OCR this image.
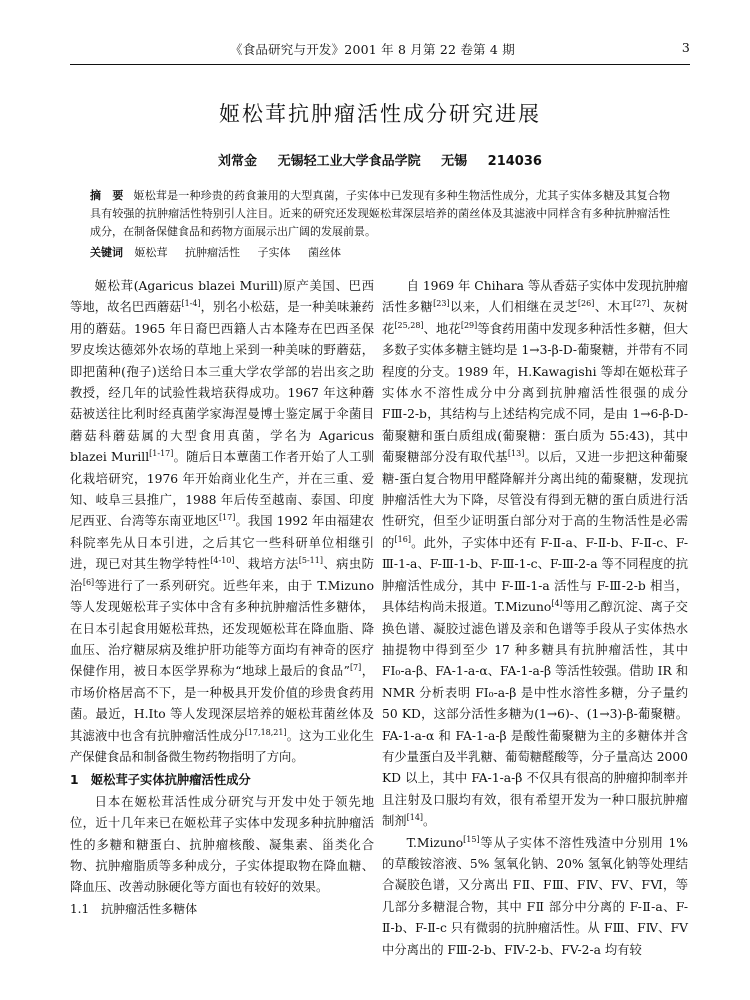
《食品研究与开发》2001 年 8 月第 22 卷第 4 期	3
姬松茸抗肿瘤活性成分研究进展
刘常金 无锡轻工业大学食品学院 无锡 214036
摘　要 姬松茸是一种珍贵的药食兼用的大型真菌，子实体中已发现有多种生物活性成分，尤其子实体多糖及其复合物具有较强的抗肿瘤活性特别引人注目。近来的研究还发现姬松茸深层培养的菌丝体及其滤液中同样含有多种抗肿瘤活性成分，在制备保健食品和药物方面展示出广阔的发展前景。
关键词 姬松茸 抗肿瘤活性 子实体 菌丝体

姬松茸(Agaricus blazei Murill)原产美国、巴西等地，故名巴西蘑菇[1-4]，别名小松菇，是一种美味兼药用的蘑菇。1965 年日裔巴西籍人古本隆寿在巴西圣保罗皮埃达德郊外农场的草地上采到一种美味的野蘑菇，即把菌种(孢子)送给日本三重大学农学部的岩出亥之助教授，经几年的试验性栽培获得成功。1967 年这种蘑菇被送往比利时经真菌学家海涅曼博士鉴定属于伞菌目蘑菇科蘑菇属的大型食用真菌，学名为 Agaricus blazei Murill[1-17]。随后日本蕈菌工作者开始了人工驯化栽培研究，1976 年开始商业化生产，并在三重、爱知、岐阜三县推广，1988 年后传至越南、泰国、印度尼西亚、台湾等东南亚地区[17]。我国 1992 年由福建农科院率先从日本引进，之后其它一些科研单位相继引进，现已对其生物学特性[4-10]、栽培方法[5-11]、病虫防治[6]等进行了一系列研究。近些年来，由于 T.Mizuno 等人发现姬松茸子实体中含有多种抗肿瘤活性多糖体，在日本引起食用姬松茸热，还发现姬松茸在降血脂、降血压、治疗糖尿病及维护肝功能等方面均有神奇的医疗保健作用，被日本医学界称为“地球上最后的食品”[7]，市场价格居高不下，是一种极具开发价值的珍贵食药用菌。最近，H.Ito 等人发现深层培养的姬松茸菌丝体及其滤液中也含有抗肿瘤活性成分[17,18,21]。这为工业化生产保健食品和制备微生物药物指明了方向。

1　姬松茸子实体抗肿瘤活性成分

日本在姬松茸活性成分研究与开发中处于领先地位，近十几年来已在姬松茸子实体中发现多种抗肿瘤活性的多糖和糖蛋白、抗肿瘤核酸、凝集素、甾类化合物、抗肿瘤脂质等多种成分，子实体提取物在降血糖、降血压、改善动脉硬化等方面也有较好的效果。

1.1　抗肿瘤活性多糖体

自 1969 年 Chihara 等从香菇子实体中发现抗肿瘤活性多糖[23]以来，人们相继在灵芝[26]、木耳[27]、灰树花[25,28]、地花[29]等食药用菌中发现多种活性多糖，但大多数子实体多糖主链均是 1→3-β-D-葡聚糖，并带有不同程度的分支。1989 年，H.Kawagishi 等却在姬松茸子实体水不溶性成分中分离到抗肿瘤活性很强的成分 FⅢ-2-b，其结构与上述结构完成不同，是由 1→6-β-D-葡聚糖和蛋白质组成(葡聚糖：蛋白质为 55:43)，其中葡聚糖部分没有取代基[13]。以后，又进一步把这种葡聚糖-蛋白复合物用甲醛降解并分离出纯的葡聚糖，发现抗肿瘤活性大为下降，尽管没有得到无糖的蛋白质进行活性研究，但至少证明蛋白部分对于高的生物活性是必需的[16]。此外，子实体中还有 F-Ⅱ-a、F-Ⅱ-b、F-Ⅱ-c、F-Ⅲ-1-a、F-Ⅲ-1-b、F-Ⅲ-1-c、F-Ⅲ-2-a 等不同程度的抗肿瘤活性成分，其中 F-Ⅲ-1-a 活性与 F-Ⅲ-2-b 相当，具体结构尚未报道。T.Mizuno[4]等用乙醇沉淀、离子交换色谱、凝胶过滤色谱及亲和色谱等手段从子实体热水抽提物中得到至少 17 种多糖具有抗肿瘤活性，其中 FI₀-a-β、FA-1-a-α、FA-1-a-β 等活性较强。借助 IR 和 NMR 分析表明 FI₀-a-β 是中性水溶性多糖，分子量约 50 KD，这部分活性多糖为(1→6)-、(1→3)-β-葡聚糖。FA-1-a-α 和 FA-1-a-β 是酸性葡聚糖为主的多糖体并含有少量蛋白及半乳糖、葡萄糖醛酸等，分子量高达 2000 KD 以上，其中 FA-1-a-β 不仅具有很高的肿瘤抑制率并且注射及口服均有效，很有希望开发为一种口服抗肿瘤制剂[14]。

T.Mizuno[15]等从子实体不溶性残渣中分别用 1% 的草酸铵溶液、5% 氢氧化钠、20% 氢氧化钠等处理结合凝胶色谱，又分离出 FⅡ、FⅢ、FⅣ、FV、FⅥ，等几部分多糖混合物，其中 FⅡ 部分中分离的 F-Ⅱ-a、F-Ⅱ-b、F-Ⅱ-c 只有微弱的抗肿瘤活性。从 FⅢ、FⅣ、FV 中分离出的 FⅢ-2-b、FⅣ-2-b、FV-2-a 均有较
